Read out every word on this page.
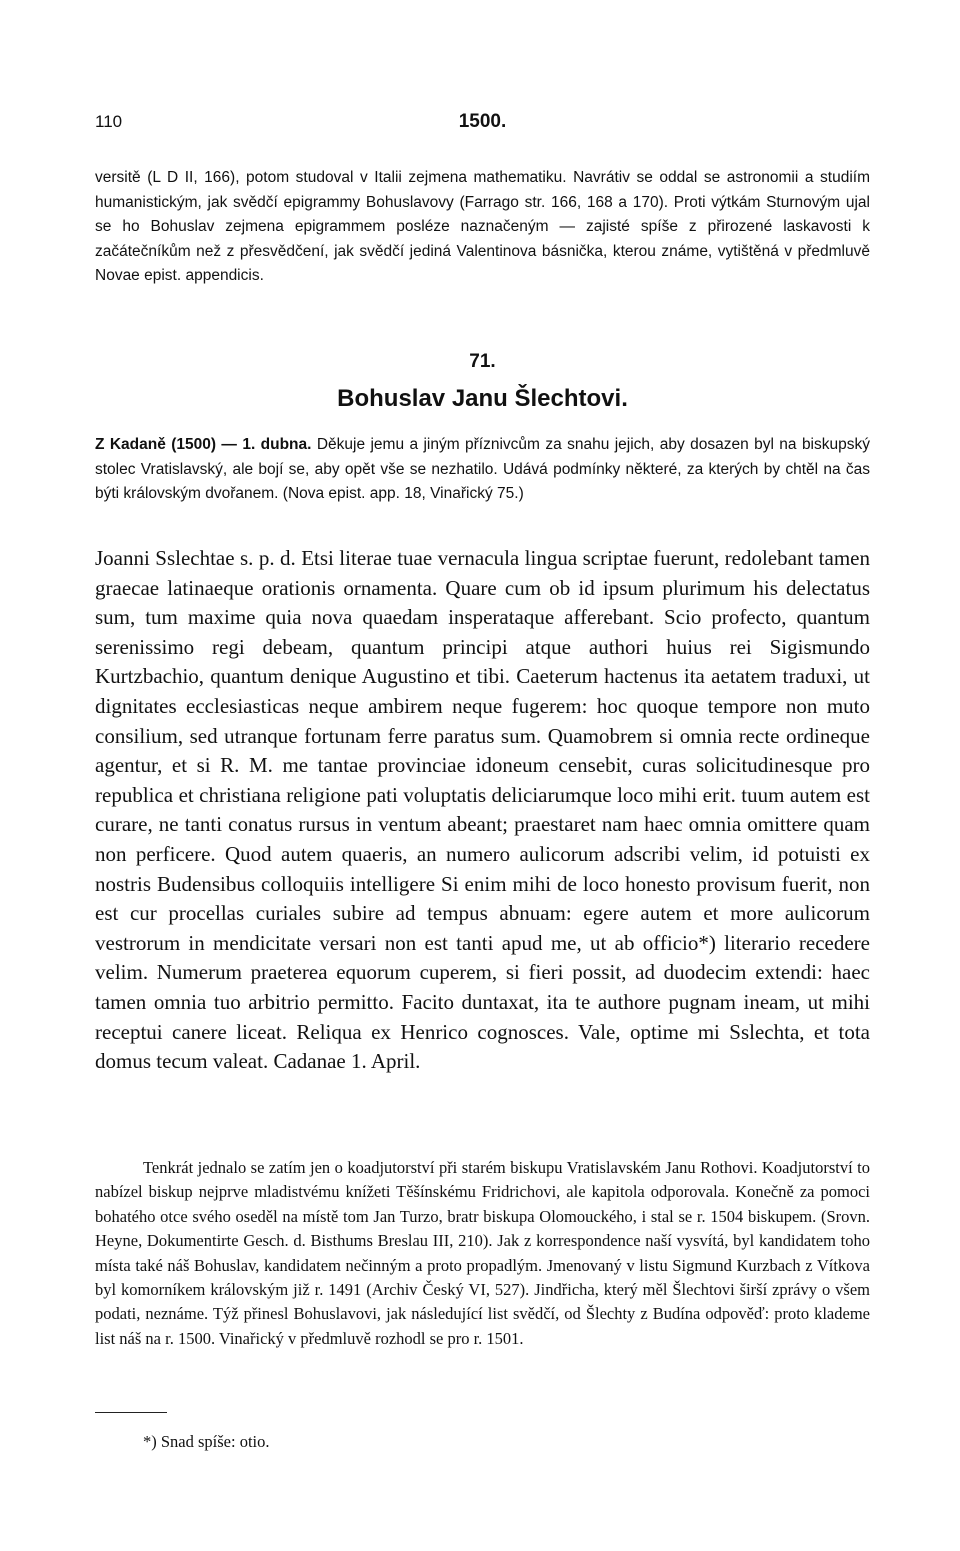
110	1500.

versitě (L D II, 166), potom studoval v Italii zejmena mathematiku. Navrátiv se oddal se astronomii a studiím humanistickým, jak svědčí epigrammy Bohuslavovy (Farrago str. 166, 168 a 170). Proti výtkám Sturnovým ujal se ho Bohuslav zejmena epigrammem posléze naznačeným — zajisté spíše z přirozené laskavosti k začátečníkům než z přesvědčení, jak svědčí jediná Valentinova básnička, kterou známe, vytištěná v předmluvě Novae epist. appendicis.

71.
Bohuslav Janu Šlechtovi.

Z Kadaně (1500) — 1. dubna. Děkuje jemu a jiným příznivcům za snahu jejich, aby dosazen byl na biskupský stolec Vratislavský, ale bojí se, aby opět vše se nezhatilo. Udává podmínky některé, za kterých by chtěl na čas býti královským dvořanem. (Nova epist. app. 18, Vinařický 75.)

Joanni Sslechtae s. p. d. Etsi literae tuae vernacula lingua scriptae fuerunt, redolebant tamen graecae latinaeque orationis ornamenta. Quare cum ob id ipsum plurimum his delectatus sum, tum maxime quia nova quaedam insperataque afferebant. Scio profecto, quantum serenissimo regi debeam, quantum principi atque authori huius rei Sigismundo Kurtzbachio, quantum denique Augustino et tibi. Caeterum hactenus ita aetatem traduxi, ut dignitates ecclesiasticas neque ambirem neque fugerem: hoc quoque tempore non muto consilium, sed utranque fortunam ferre paratus sum. Quamobrem si omnia recte ordineque agentur, et si R. M. me tantae provinciae idoneum censebit, curas solicitudinesque pro republica et christiana religione pati voluptatis deliciarumque loco mihi erit. tuum autem est curare, ne tanti conatus rursus in ventum abeant; praestaret nam haec omnia omittere quam non perficere. Quod autem quaeris, an numero aulicorum adscribi velim, id potuisti ex nostris Budensibus colloquiis intelligere Si enim mihi de loco honesto provisum fuerit, non est cur procellas curiales subire ad tempus abnuam: egere autem et more aulicorum vestrorum in mendicitate versari non est tanti apud me, ut ab officio*) literario recedere velim. Numerum praeterea equorum cuperem, si fieri possit, ad duodecim extendi: haec tamen omnia tuo arbitrio permitto. Facito duntaxat, ita te authore pugnam ineam, ut mihi receptui canere liceat. Reliqua ex Henrico cognosces. Vale, optime mi Sslechta, et tota domus tecum valeat. Cadanae 1. April.

Tenkrát jednalo se zatím jen o koadjutorství při starém biskupu Vratislavském Janu Rothovi. Koadjutorství to nabízel biskup nejprve mladistvému knížeti Těšínskému Fridrichovi, ale kapitola odporovala. Konečně za pomoci bohatého otce svého oseděl na místě tom Jan Turzo, bratr biskupa Olomouckého, i stal se r. 1504 biskupem. (Srovn. Heyne, Dokumentirte Gesch. d. Bisthums Breslau III, 210). Jak z korrespondence naší vysvítá, byl kandidatem toho místa také náš Bohuslav, kandidatem nečinným a proto propadlým. Jmenovaný v listu Sigmund Kurzbach z Vítkova byl komorníkem královským již r. 1491 (Archiv Český VI, 527). Jindřicha, který měl Šlechtovi širší zprávy o všem podati, neznáme. Týž přinesl Bohuslavovi, jak následující list svědčí, od Šlechty z Budína odpověď: proto klademe list náš na r. 1500. Vinařický v předmluvě rozhodl se pro r. 1501.

*) Snad spíše: otio.
